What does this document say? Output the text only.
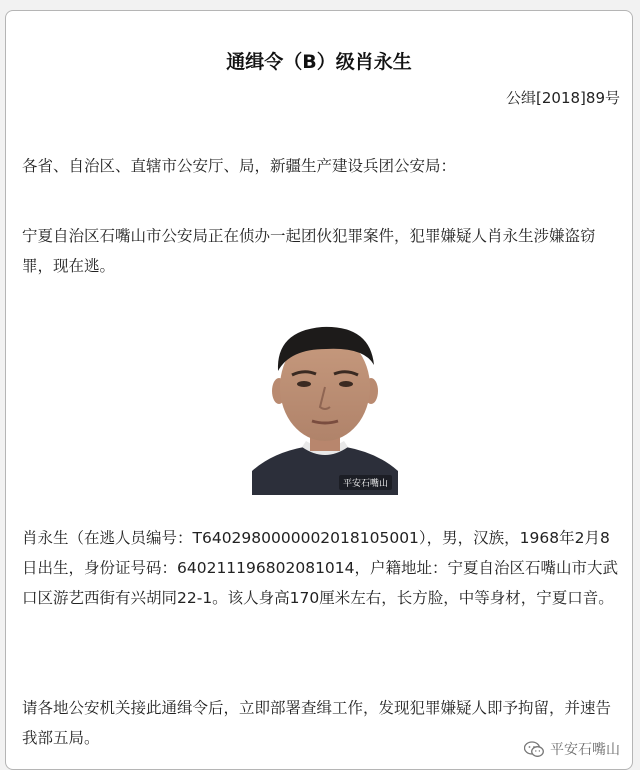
通缉令（B）级肖永生
公缉[2018]89号

各省、自治区、直辖市公安厅、局，新疆生产建设兵团公安局：

宁夏自治区石嘴山市公安局正在侦办一起团伙犯罪案件，犯罪嫌疑人肖永生涉嫌盗窃罪，现在逃。

平安石嘴山

肖永生（在逃人员编号：T6402980000002018105001），男，汉族，1968年2月8日出生，身份证号码：640211196802081014，户籍地址：宁夏自治区石嘴山市大武口区游艺西街有兴胡同22-1。该人身高170厘米左右，长方脸，中等身材，宁夏口音。

请各地公安机关接此通缉令后，立即部署查缉工作，发现犯罪嫌疑人即予拘留，并速告我部五局。

平安石嘴山
